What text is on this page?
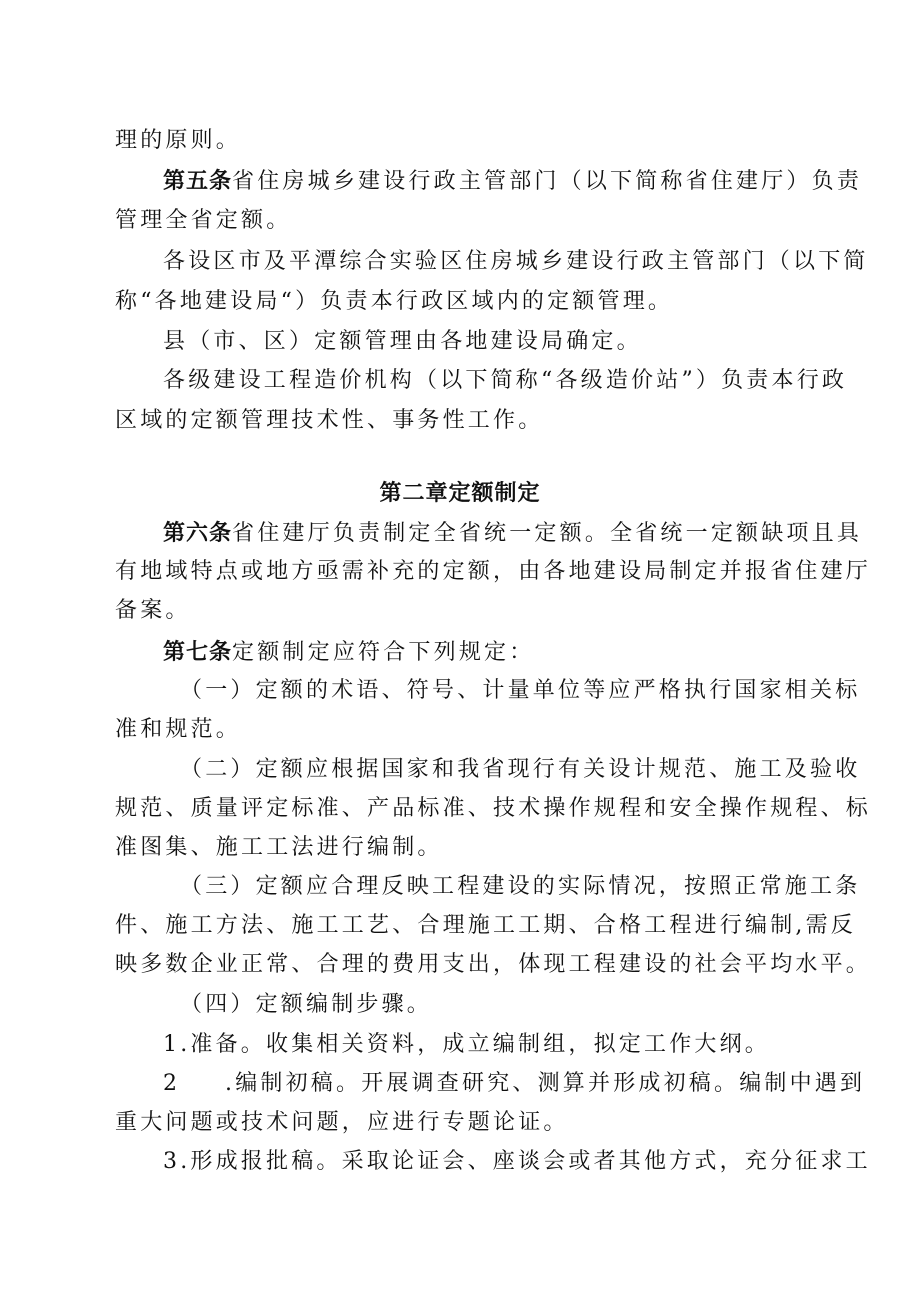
理的原则。
第五条省住房城乡建设行政主管部门（以下简称省住建厅）负责
管理全省定额。
各设区市及平潭综合实验区住房城乡建设行政主管部门（以下简
称“各地建设局“）负责本行政区域内的定额管理。
县（市、区）定额管理由各地建设局确定。
各级建设工程造价机构（以下简称“各级造价站”）负责本行政
区域的定额管理技术性、事务性工作。
第二章定额制定
第六条省住建厅负责制定全省统一定额。全省统一定额缺项且具
有地域特点或地方亟需补充的定额，由各地建设局制定并报省住建厅
备案。
第七条定额制定应符合下列规定：
（一）定额的术语、符号、计量单位等应严格执行国家相关标
准和规范。
（二）定额应根据国家和我省现行有关设计规范、施工及验收
规范、质量评定标准、产品标准、技术操作规程和安全操作规程、标
准图集、施工工法进行编制。
（三）定额应合理反映工程建设的实际情况，按照正常施工条
件、施工方法、施工工艺、合理施工工期、合格工程进行编制,需反
映多数企业正常、合理的费用支出，体现工程建设的社会平均水平。
（四）定额编制步骤。
1.准备。收集相关资料，成立编制组，拟定工作大纲。
2 .编制初稿。开展调查研究、测算并形成初稿。编制中遇到
重大问题或技术问题，应进行专题论证。
3.形成报批稿。采取论证会、座谈会或者其他方式，充分征求工
